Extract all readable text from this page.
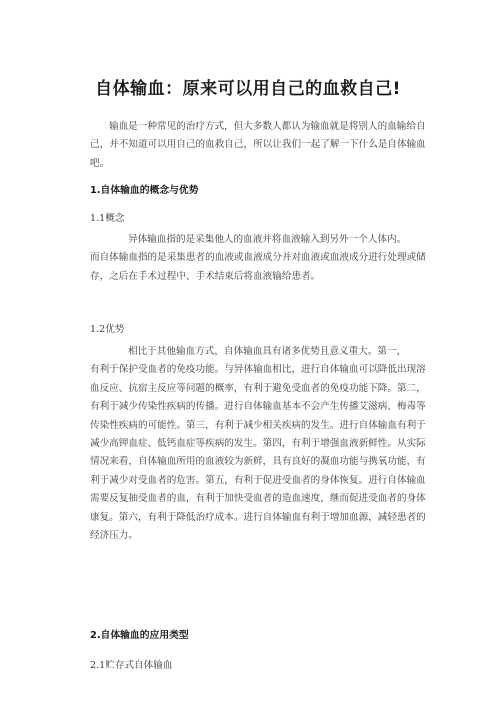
自体输血：原来可以用自己的血救自己!
输血是一种常见的治疗方式，但大多数人都认为输血就是将别人的血输给自
己，并不知道可以用自己的血救自己，所以让我们一起了解一下什么是自体输血
吧。
1.自体输血的概念与优势
1.1概念
异体输血指的是采集他人的血液并将血液输入到另外一个人体内。
而自体输血指的是采集患者的血液或血液成分并对血液或血液成分进行处理或储
存，之后在手术过程中、手术结束后将血液输给患者。
1.2优势
相比于其他输血方式，自体输血具有诸多优势且意义重大。第一，
有利于保护受血者的免疫功能。与异体输血相比，进行自体输血可以降低出现溶
血反应、抗宿主反应等问题的概率，有利于避免受血者的免疫功能下降。第二，
有利于减少传染性疾病的传播。进行自体输血基本不会产生传播艾滋病、梅毒等
传染性疾病的可能性。第三，有利于减少相关疾病的发生。进行自体输血有利于
减少高钾血症、低钙血症等疾病的发生。第四，有利于增强血液新鲜性。从实际
情况来看，自体输血所用的血液较为新鲜，具有良好的凝血功能与携氧功能，有
利于减少对受血者的危害。第五，有利于促进受血者的身体恢复。进行自体输血
需要反复抽受血者的血，有利于加快受血者的造血速度，继而促进受血者的身体
康复。第六，有利于降低治疗成本。进行自体输血有利于增加血源，减轻患者的
经济压力。
2.自体输血的应用类型
2.1贮存式自体输血
